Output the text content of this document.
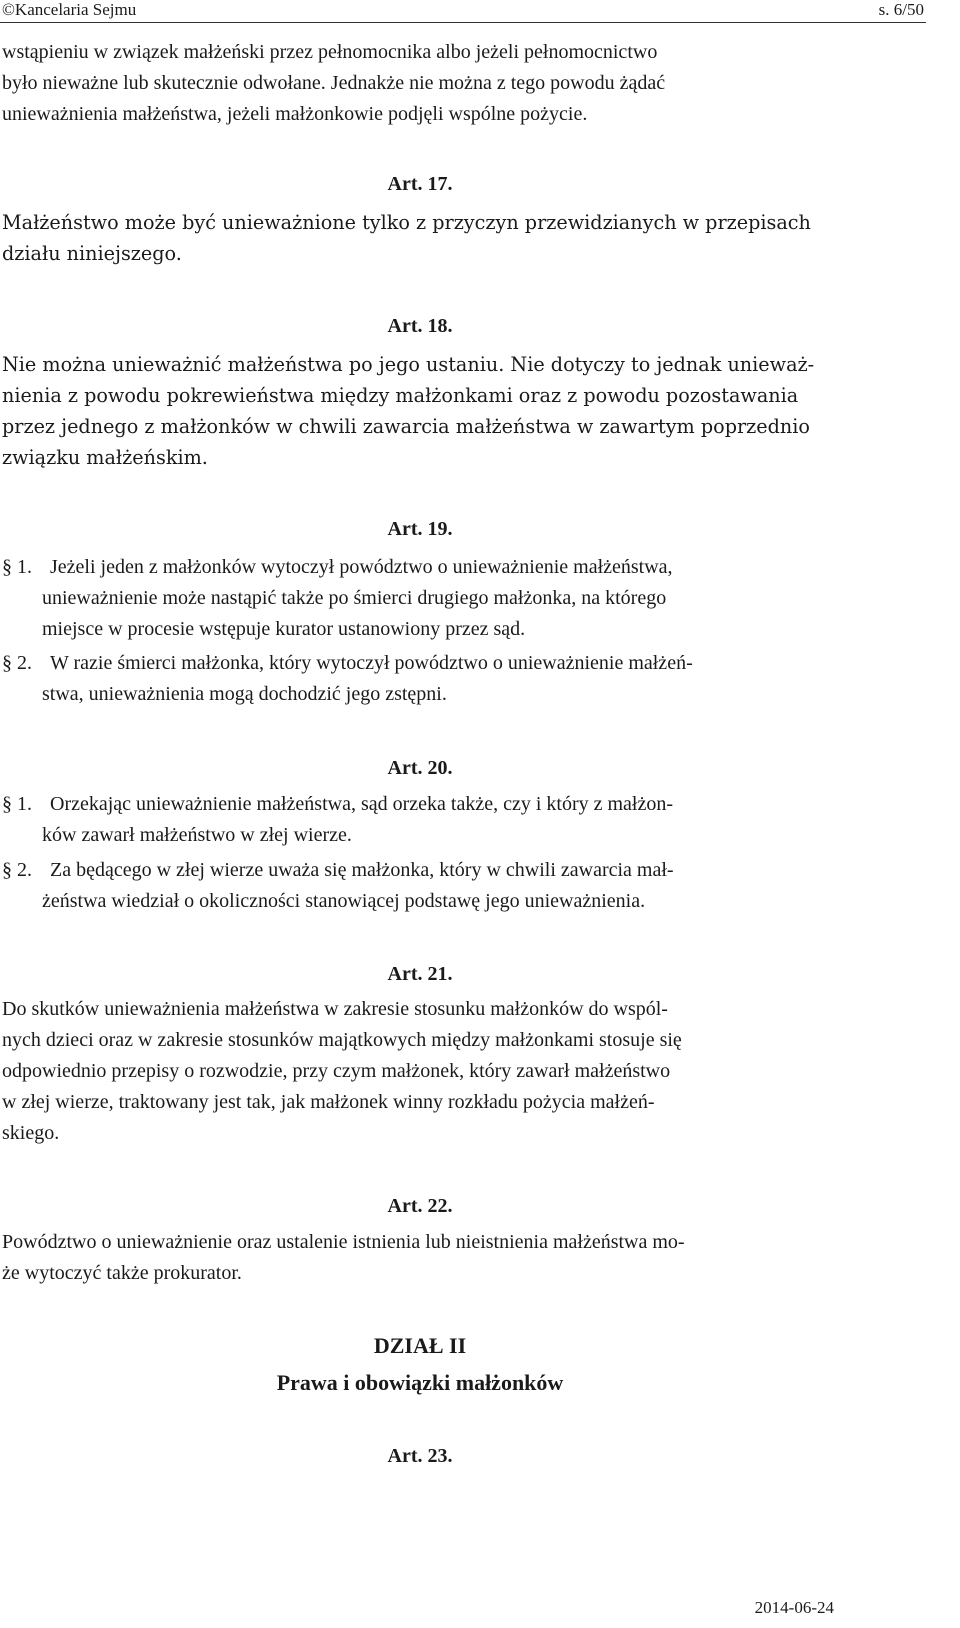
©Kancelaria Sejmu	s. 6/50
wstąpieniu w związek małżeński przez pełnomocnika albo jeżeli pełnomocnictwo
było nieważne lub skutecznie odwołane. Jednakże nie można z tego powodu żądać
unieważnienia małżeństwa, jeżeli małżonkowie podjęli wspólne pożycie.
Art. 17.
Małżeństwo może być unieważnione tylko z przyczyn przewidzianych w przepisach
działu niniejszego.
Art. 18.
Nie można unieważnić małżeństwa po jego ustaniu. Nie dotyczy to jednak unieważ-
nienia z powodu pokrewieństwa między małżonkami oraz z powodu pozostawania
przez jednego z małżonków w chwili zawarcia małżeństwa w zawartym poprzednio
związku małżeńskim.
Art. 19.
§ 1. Jeżeli jeden z małżonków wytoczył powództwo o unieważnienie małżeństwa,
unieważnienie może nastąpić także po śmierci drugiego małżonka, na którego
miejsce w procesie wstępuje kurator ustanowiony przez sąd.
§ 2. W razie śmierci małżonka, który wytoczył powództwo o unieważnienie małżeń-
stwa, unieważnienia mogą dochodzić jego zstępni.
Art. 20.
§ 1. Orzekając unieważnienie małżeństwa, sąd orzeka także, czy i który z małżon-
ków zawarł małżeństwo w złej wierze.
§ 2. Za będącego w złej wierze uważa się małżonka, który w chwili zawarcia mał-
żeństwa wiedział o okoliczności stanowiącej podstawę jego unieważnienia.
Art. 21.
Do skutków unieważnienia małżeństwa w zakresie stosunku małżonków do wspól-
nych dzieci oraz w zakresie stosunków majątkowych między małżonkami stosuje się
odpowiednio przepisy o rozwodzie, przy czym małżonek, który zawarł małżeństwo
w złej wierze, traktowany jest tak, jak małżonek winny rozkładu pożycia małżeń-
skiego.
Art. 22.
Powództwo o unieważnienie oraz ustalenie istnienia lub nieistnienia małżeństwa mo-
że wytoczyć także prokurator.
DZIAŁ II
Prawa i obowiązki małżonków
Art. 23.
2014-06-24
